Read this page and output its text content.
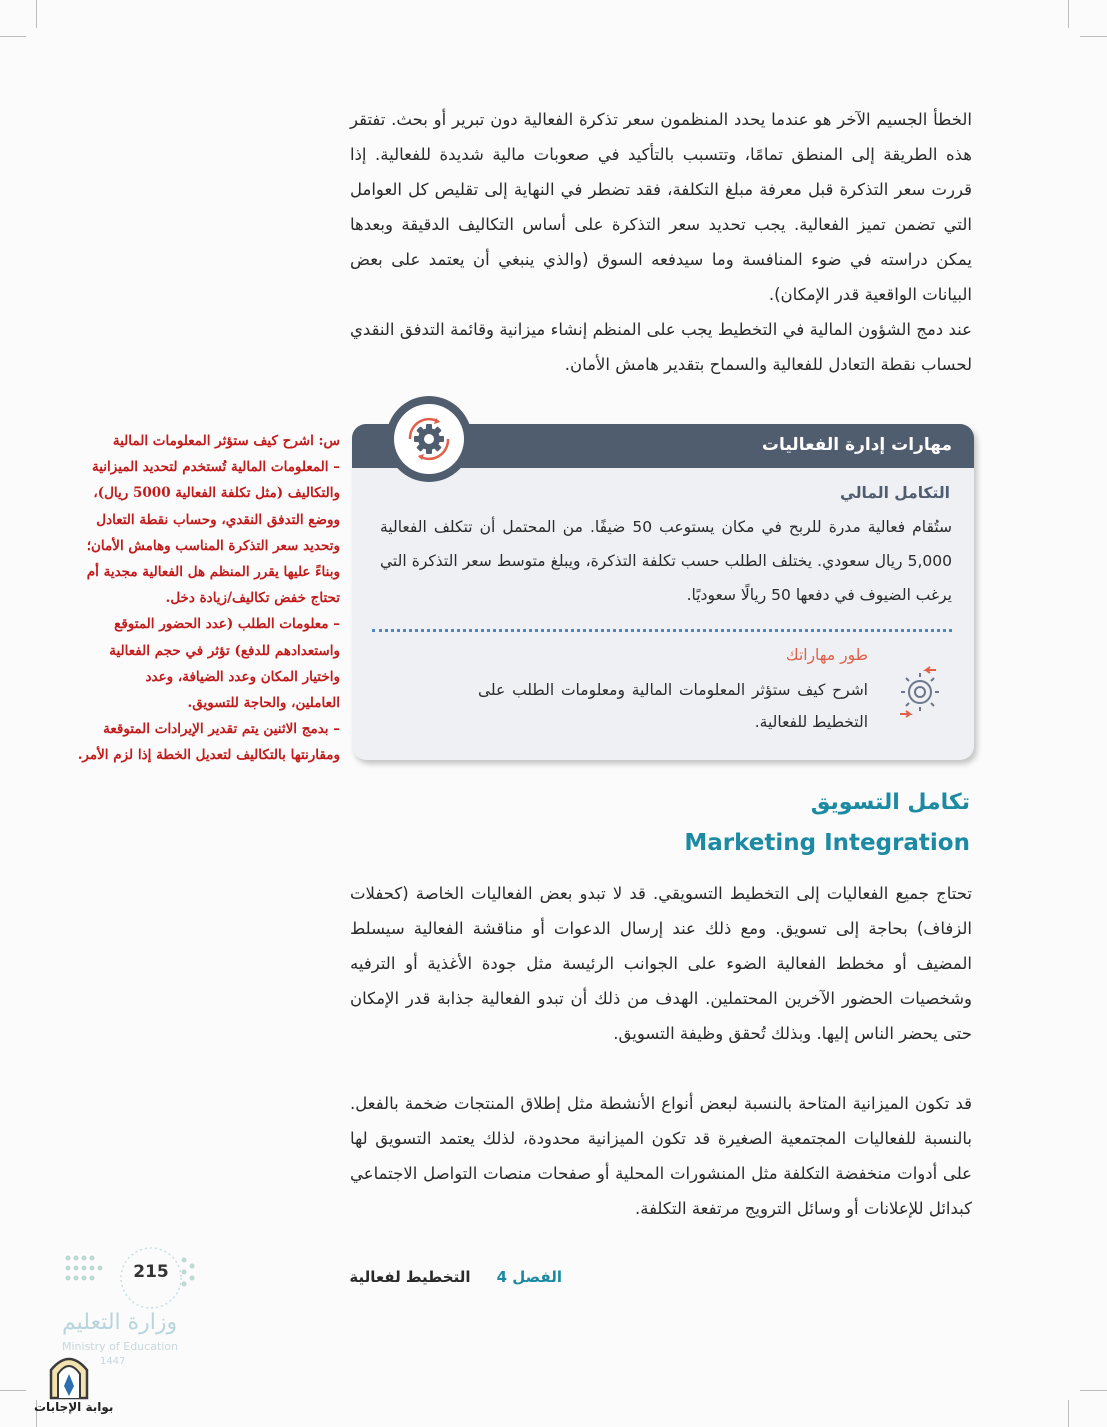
الخطأ الجسيم الآخر هو عندما يحدد المنظمون سعر تذكرة الفعالية دون تبرير أو بحث. تفتقر هذه الطريقة إلى المنطق تمامًا، وتتسبب بالتأكيد في صعوبات مالية شديدة للفعالية. إذا قررت سعر التذكرة قبل معرفة مبلغ التكلفة، فقد تضطر في النهاية إلى تقليص كل العوامل التي تضمن تميز الفعالية. يجب تحديد سعر التذكرة على أساس التكاليف الدقيقة وبعدها يمكن دراسته في ضوء المنافسة وما سيدفعه السوق (والذي ينبغي أن يعتمد على بعض البيانات الواقعية قدر الإمكان).

عند دمج الشؤون المالية في التخطيط يجب على المنظم إنشاء ميزانية وقائمة التدفق النقدي لحساب نقطة التعادل للفعالية والسماح بتقدير هامش الأمان.

مهارات إدارة الفعاليات
التكامل المالي

ستُقام فعالية مدرة للربح في مكان يستوعب 50 ضيفًا. من المحتمل أن تتكلف الفعالية 5,000 ريال سعودي. يختلف الطلب حسب تكلفة التذكرة، ويبلغ متوسط سعر التذكرة التي يرغب الضيوف في دفعها 50 ريالًا سعوديًا.

طور مهاراتك

اشرح كيف ستؤثر المعلومات المالية ومعلومات الطلب على التخطيط للفعالية.

س: اشرح كيف ستؤثر المعلومات المالية
– المعلومات المالية تُستخدم لتحديد الميزانية
والتكاليف (مثل تكلفة الفعالية 5000 ريال)،
ووضع التدفق النقدي، وحساب نقطة التعادل
وتحديد سعر التذكرة المناسب وهامش الأمان؛
وبناءً عليها يقرر المنظم هل الفعالية مجدية أم
تحتاج خفض تكاليف/زيادة دخل.
– معلومات الطلب (عدد الحضور المتوقع
واستعدادهم للدفع) تؤثر في حجم الفعالية
واختيار المكان وعدد الضيافة، وعدد
العاملين، والحاجة للتسويق.
– بدمج الاثنين يتم تقدير الإيرادات المتوقعة
ومقارنتها بالتكاليف لتعديل الخطة إذا لزم الأمر.
تكامل التسويق
Marketing Integration

تحتاج جميع الفعاليات إلى التخطيط التسويقي. قد لا تبدو بعض الفعاليات الخاصة (كحفلات الزفاف) بحاجة إلى تسويق. ومع ذلك عند إرسال الدعوات أو مناقشة الفعالية سيسلط المضيف أو مخطط الفعالية الضوء على الجوانب الرئيسة مثل جودة الأغذية أو الترفيه وشخصيات الحضور الآخرين المحتملين. الهدف من ذلك أن تبدو الفعالية جذابة قدر الإمكان حتى يحضر الناس إليها. وبذلك تُحقق وظيفة التسويق.

قد تكون الميزانية المتاحة بالنسبة لبعض أنواع الأنشطة مثل إطلاق المنتجات ضخمة بالفعل. بالنسبة للفعاليات المجتمعية الصغيرة قد تكون الميزانية محدودة، لذلك يعتمد التسويق لها على أدوات منخفضة التكلفة مثل المنشورات المحلية أو صفحات منصات التواصل الاجتماعي كبدائل للإعلانات أو وسائل الترويج مرتفعة التكلفة.

الفصل 4     التخطيط لفعالية
215
وزارة التعليم
Ministry of Education
1447
بوابة الإجابات
